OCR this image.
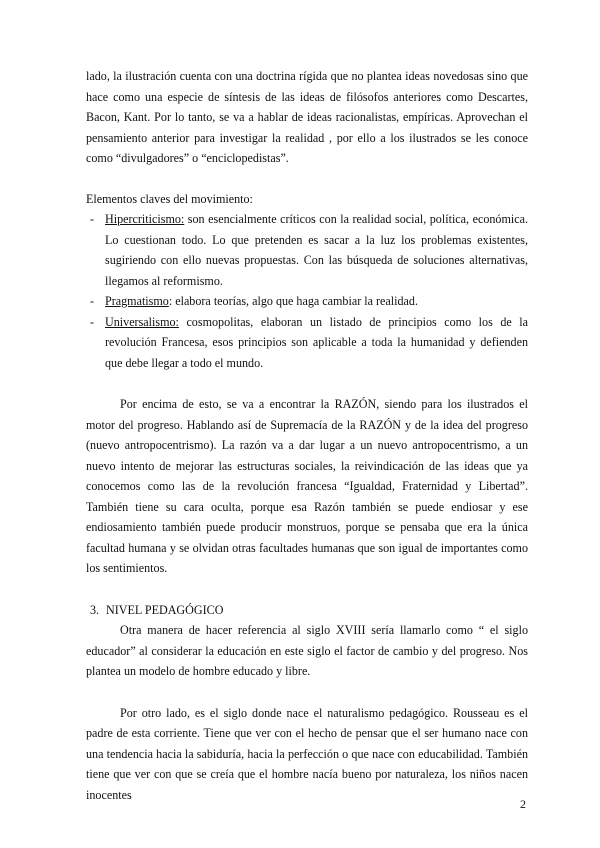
lado, la ilustración cuenta con una doctrina rígida que no plantea ideas novedosas sino que hace como una especie de síntesis de las ideas de filósofos anteriores como Descartes, Bacon, Kant. Por lo tanto, se va a hablar de ideas racionalistas, empíricas. Aprovechan el pensamiento anterior para investigar la realidad , por ello a los ilustrados se les conoce como “divulgadores” o “enciclopedistas”.

Elementos claves del movimiento:

- Hipercriticismo: son esencialmente críticos con la realidad social, política, económica. Lo cuestionan todo. Lo que pretenden es sacar a la luz los problemas existentes, sugiriendo con ello nuevas propuestas. Con las búsqueda de soluciones alternativas, llegamos al reformismo.
- Pragmatismo: elabora teorías, algo que haga cambiar la realidad.
- Universalismo: cosmopolitas, elaboran un listado de principios como los de la revolución Francesa, esos principios son aplicable a toda la humanidad y defienden que debe llegar a todo el mundo.

Por encima de esto, se va a encontrar la RAZÓN, siendo para los ilustrados el motor del progreso. Hablando así de Supremacía de la RAZÓN y de la idea del progreso (nuevo antropocentrismo). La razón va a dar lugar a un nuevo antropocentrismo, a un nuevo intento de mejorar las estructuras sociales, la reivindicación de las ideas que ya conocemos como las de la revolución francesa “Igualdad, Fraternidad y Libertad”. También tiene su cara oculta, porque esa Razón también se puede endiosar y ese endiosamiento también puede producir monstruos, porque se pensaba que era la única facultad humana y se olvidan otras facultades humanas que son igual de importantes como los sentimientos.

3. NIVEL PEDAGÓGICO

Otra manera de hacer referencia al siglo XVIII sería llamarlo como “ el siglo educador” al considerar la educación en este siglo el factor de cambio y del progreso. Nos plantea un modelo de hombre educado y libre.

Por otro lado, es el siglo donde nace el naturalismo pedagógico. Rousseau es el padre de esta corriente. Tiene que ver con el hecho de pensar que el ser humano nace con una tendencia hacia la sabiduría, hacia la perfección o que nace con educabilidad. También tiene que ver con que se creía que el hombre nacía bueno por naturaleza, los niños nacen inocentes

2
